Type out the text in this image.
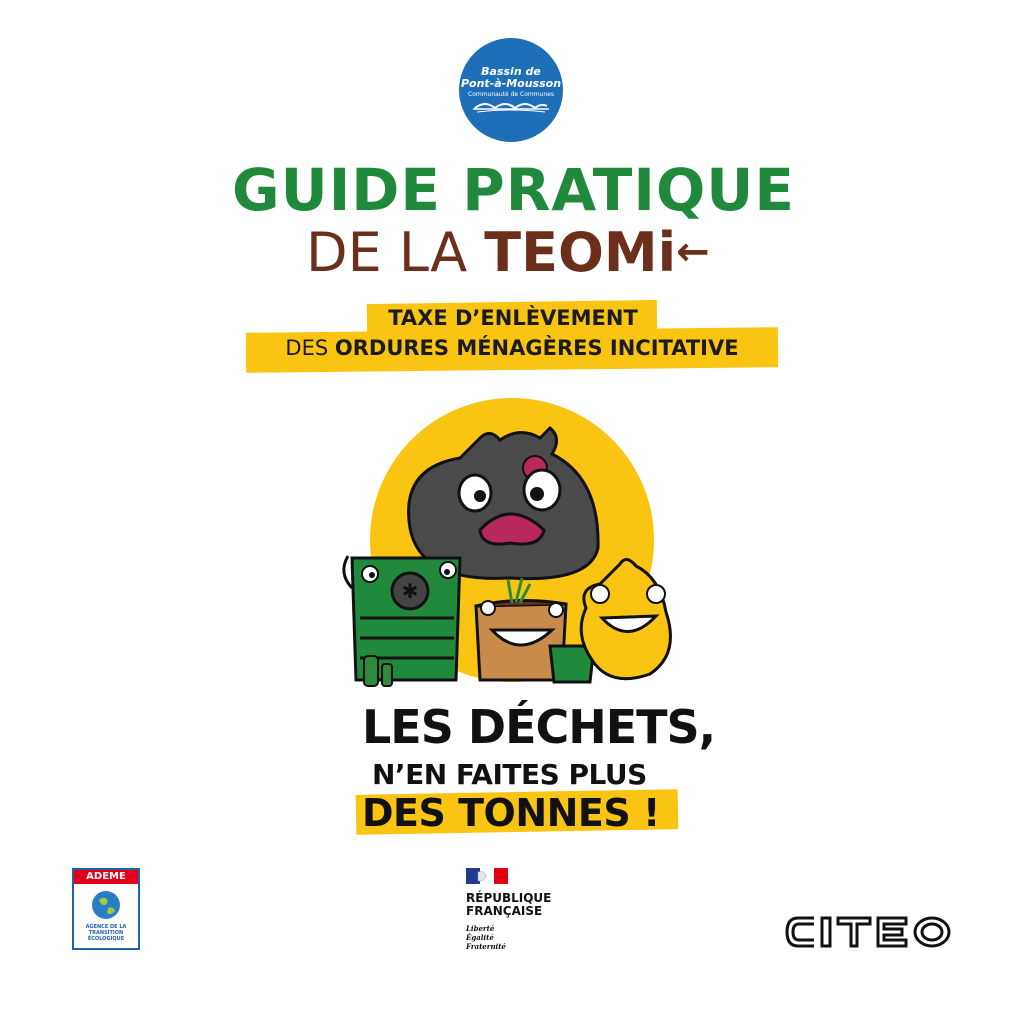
Bassin de
Pont-à-Mousson
Communauté de Communes
GUIDE PRATIQUE
DE LA TEOMi←
TAXE D’ENLÈVEMENT
DES ORDURES MÉNAGÈRES INCITATIVE
✱
LES DÉCHETS,
N’EN FAITES PLUS
DES TONNES !
ADEME
AGENCE DE LA TRANSITION ÉCOLOGIQUE
RÉPUBLIQUE
FRANÇAISE
Liberté
Égalité
Fraternité
